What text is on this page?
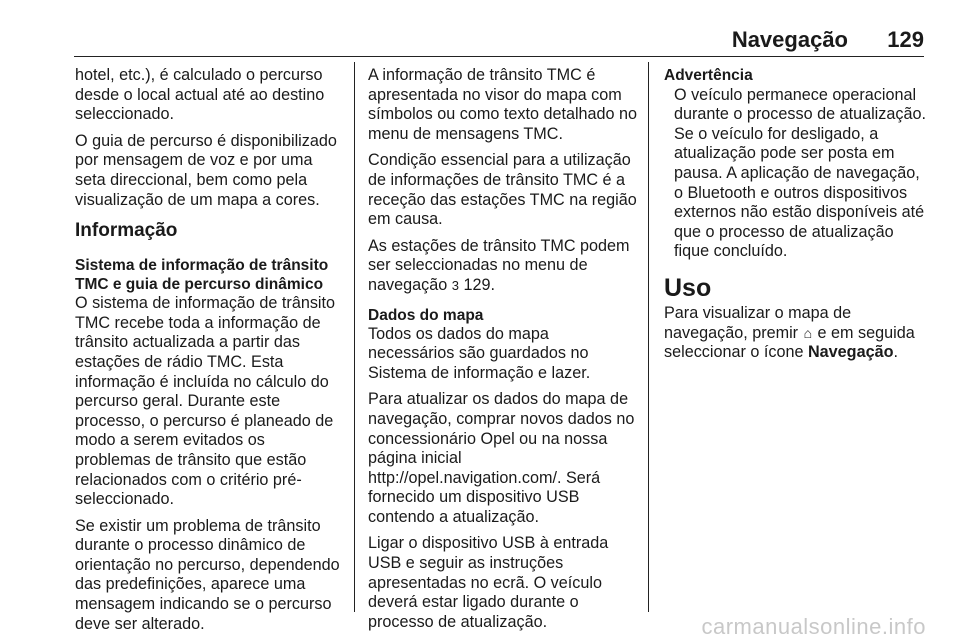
Navegação 129

hotel, etc.), é calculado o percurso desde o local actual até ao destino seleccionado.

O guia de percurso é disponibilizado por mensagem de voz e por uma seta direccional, bem como pela visualização de um mapa a cores.

Informação
Sistema de informação de trânsito TMC e guia de percurso dinâmico

O sistema de informação de trânsito TMC recebe toda a informação de trânsito actualizada a partir das estações de rádio TMC. Esta informação é incluída no cálculo do percurso geral. Durante este processo, o percurso é planeado de modo a serem evitados os problemas de trânsito que estão relacionados com o critério pré-seleccionado.

Se existir um problema de trânsito durante o processo dinâmico de orientação no percurso, dependendo das predefinições, aparece uma mensagem indicando se o percurso deve ser alterado.

A informação de trânsito TMC é apresentada no visor do mapa com símbolos ou como texto detalhado no menu de mensagens TMC.

Condição essencial para a utilização de informações de trânsito TMC é a receção das estações TMC na região em causa.

As estações de trânsito TMC podem ser seleccionadas no menu de navegação 3 129.

Dados do mapa

Todos os dados do mapa necessários são guardados no Sistema de informação e lazer.

Para atualizar os dados do mapa de navegação, comprar novos dados no concessionário Opel ou na nossa página inicial http://opel.navigation.com/. Será fornecido um dispositivo USB contendo a atualização.

Ligar o dispositivo USB à entrada USB e seguir as instruções apresentadas no ecrã. O veículo deverá estar ligado durante o processo de atualização.

Advertência

O veículo permanece operacional durante o processo de atualização. Se o veículo for desligado, a atualização pode ser posta em pausa. A aplicação de navegação, o Bluetooth e outros dispositivos externos não estão disponíveis até que o processo de atualização fique concluído.

Uso

Para visualizar o mapa de navegação, premir ⌂ e em seguida seleccionar o ícone Navegação.

carmanualsonline.info
